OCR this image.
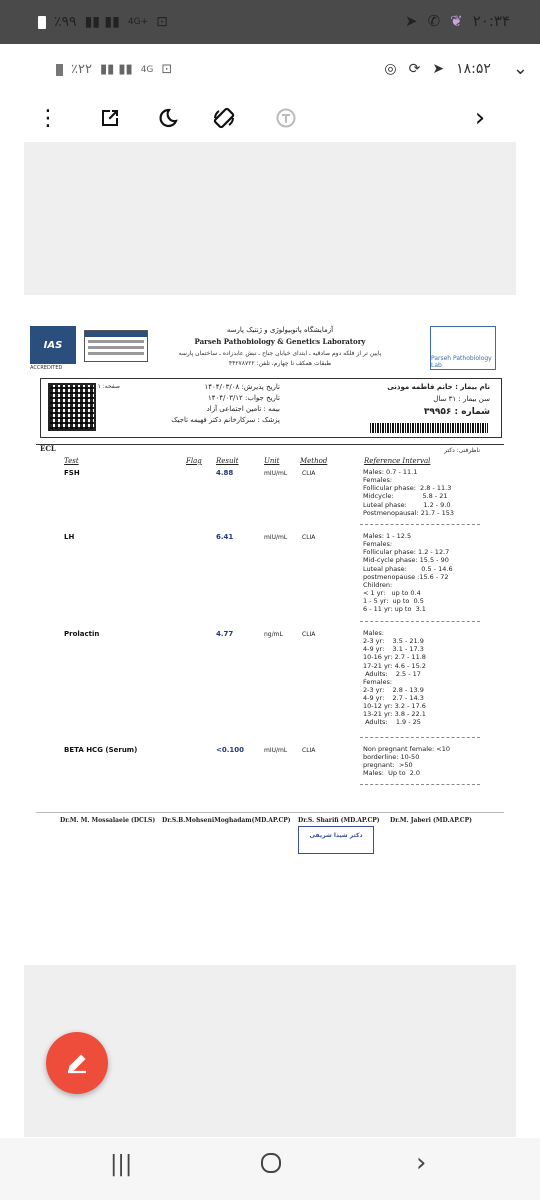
٪۹۹ ▮▮ ▮▮ 4G+ ⊡	➤ ✆ ❦ ۲۰:۳۴
٪۲۲ ▮▮ ▮▮ 4G ⊡	◎ ⟳ ➤ ۱۸:۵۲ ⌄
⋮	›
IAS
ACCREDITED
آزمایشگاه پاتوبیولوژی و ژنتیک پارسه
Parseh Pathobiology & Genetics Laboratory
پایین تر از فلکه دوم صادقیه ـ ابتدای خیابان جناح ـ نبش عابدزاده ـ ساختمان پارسه
طبقات همکف تا چهارم، تلفن: ۴۴۲۷۸۷۲۲
Parseh Pathobiology Lab
صفحه: ۱ از ۱	تاریخ پذیرش: ۱۴۰۴/۰۳/۰۸
تاریخ جواب: ۱۴۰۴/۰۳/۱۲
بیمه : تامین اجتماعی آزاد
پزشک : سرکارخانم دکتر فهیمه تاجیک
نام بیمار : خانم فاطمه موذنی
سن بیمار : ۳۱ سال
شماره : ۳۹۹۵۶
ECL	ناظرفنی: دکتر
Test	Flag Result	Unit	Method	Reference Interval
FSH	4.88	mIU/mL CLIA	Males: 0.7 - 11.1
Females:
Follicular phase:  2.8 - 11.3
Midcycle:              5.8 - 21
Luteal phase:        1.2 - 9.0
Postmenopausal: 21.7 - 153
LH	6.41	mIU/mL CLIA	Males: 1 - 12.5
Females:
Follicular phase: 1.2 - 12.7
Mid-cycle phase: 15.5 - 90
Luteal phase:       0.5 - 14.6
postmenopause :15.6 - 72
Children:
< 1 yr:   up to 0.4
1 - 5 yr:  up to  0.5
6 - 11 yr: up to  3.1
Prolactin	4.77	ng/mL	CLIA	Males:
2-3 yr:    3.5 - 21.9
4-9 yr:    3.1 - 17.3
10-16 yr: 2.7 - 11.8
17-21 yr: 4.6 - 15.2
Adults:    2.5 - 17
Females:
2-3 yr:    2.8 - 13.9
4-9 yr:    2.7 - 14.3
10-12 yr: 3.2 - 17.6
13-21 yr: 3.8 - 22.1
Adults:    1.9 - 25
BETA HCG (Serum)	<0.100	mIU/mL CLIA	Non pregnant female: <10
borderline: 10-50
pregnant:  >50
Males:  Up to  2.0
Dr.M. M. Mossalaeie (DCLS) Dr.S.B.MohseniMoghadam(MD.AP.CP) Dr.S. Sharifi (MD.AP.CP) Dr.M. Jaberi (MD.AP.CP)
دکتر شیدا شریفی
|||	›
